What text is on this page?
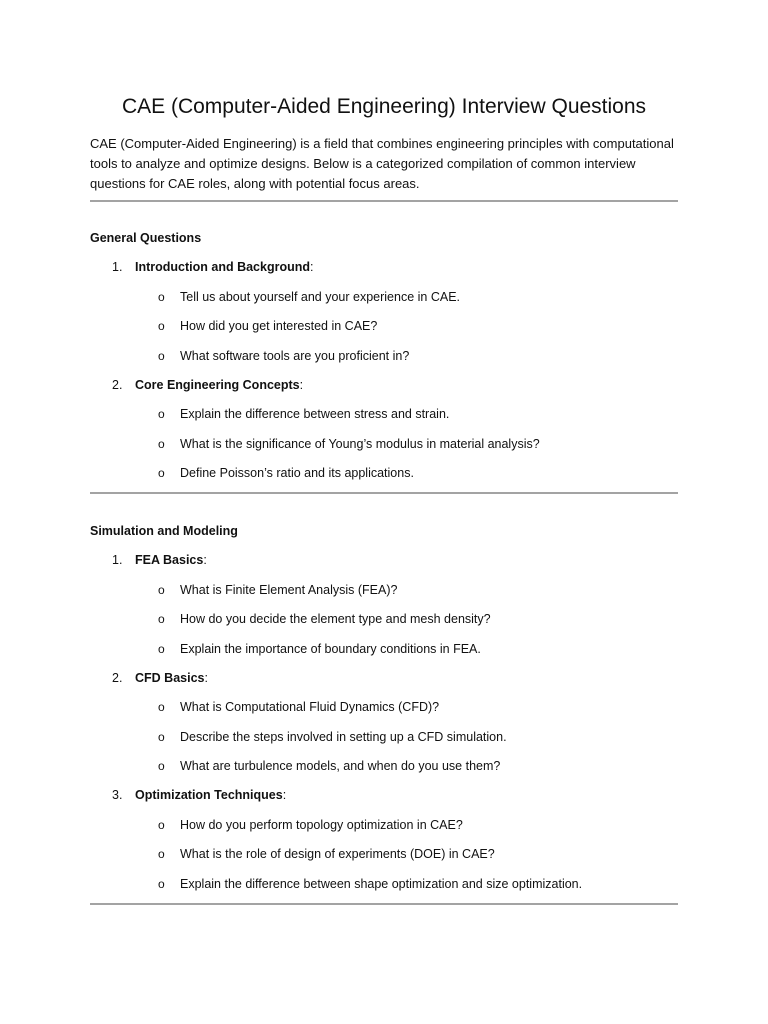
CAE (Computer-Aided Engineering) Interview Questions

CAE (Computer-Aided Engineering) is a field that combines engineering principles with computational tools to analyze and optimize designs. Below is a categorized compilation of common interview questions for CAE roles, along with potential focus areas.

General Questions
1. Introduction and Background:
o Tell us about yourself and your experience in CAE.
o How did you get interested in CAE?
o What software tools are you proficient in?
2. Core Engineering Concepts:
o Explain the difference between stress and strain.
o What is the significance of Young’s modulus in material analysis?
o Define Poisson’s ratio and its applications.
Simulation and Modeling
1. FEA Basics:
o What is Finite Element Analysis (FEA)?
o How do you decide the element type and mesh density?
o Explain the importance of boundary conditions in FEA.
2. CFD Basics:
o What is Computational Fluid Dynamics (CFD)?
o Describe the steps involved in setting up a CFD simulation.
o What are turbulence models, and when do you use them?
3. Optimization Techniques:
o How do you perform topology optimization in CAE?
o What is the role of design of experiments (DOE) in CAE?
o Explain the difference between shape optimization and size optimization.
